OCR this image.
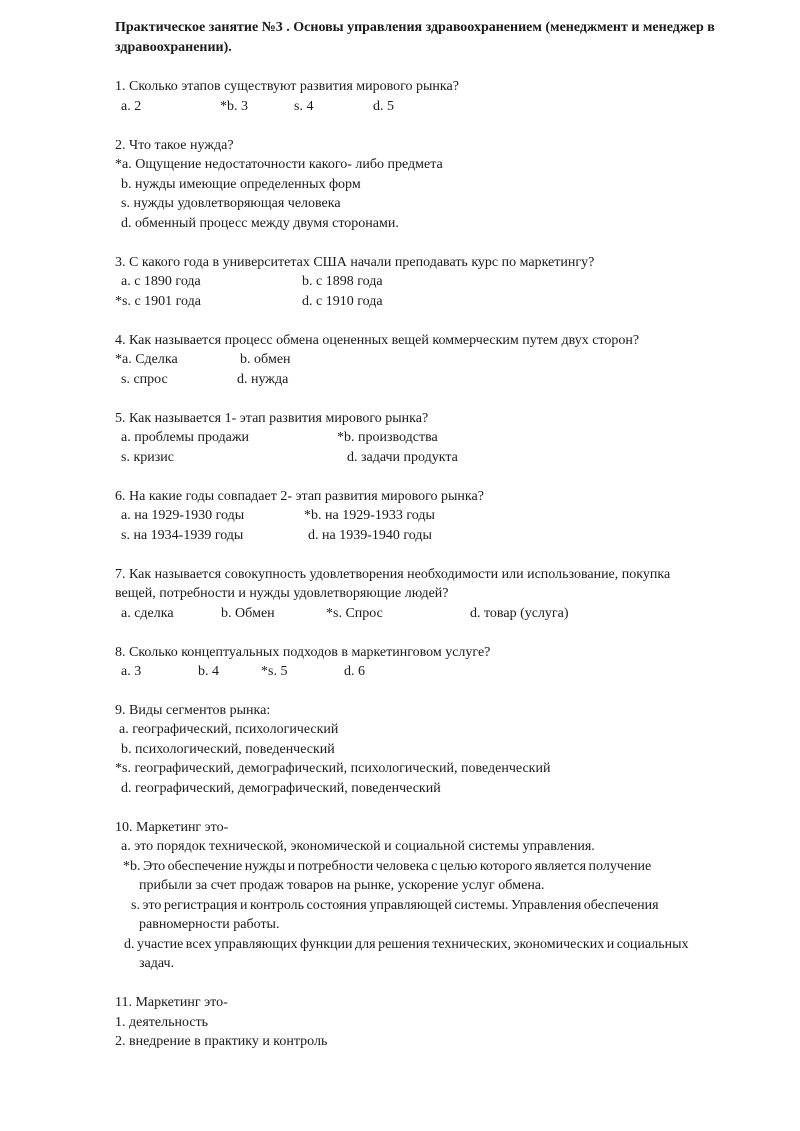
Практическое занятие №3 . Основы управления здравоохранением (менеджмент и менеджер в здравоохранении).
1. Сколько этапов существуют развития мирового рынка?
a. 2	*b. 3	s. 4	d. 5
2. Что такое нужда?
*a. Ощущение недостаточности какого- либо предмета
b. нужды имеющие определенных форм
s. нужды удовлетворяющая человека
d. обменный процесс между двумя сторонами.
3. С какого года в университетах США начали преподавать курс по маркетингу?
a. с 1890 года	b. с 1898 года
*s. с 1901 года	d. с 1910 года
4. Как называется процесс обмена оцененных вещей коммерческим путем двух сторон?
*a. Сделка	b. обмен
s. спрос	d. нужда
5. Как называется 1- этап развития мирового рынка?
a. проблемы продажи	*b. производства
s. кризис	d. задачи продукта
6. На какие годы совпадает 2- этап развития мирового рынка?
a. на 1929-1930 годы	*b. на 1929-1933 годы
s. на 1934-1939 годы	d. на 1939-1940 годы
7. Как называется совокупность удовлетворения необходимости или использование, покупка
вещей, потребности и нужды удовлетворяющие людей?
a. сделка	b. Обмен	*s. Спрос	d. товар (услуга)
8. Сколько концептуальных подходов в маркетинговом услуге?
a. 3	b. 4	*s. 5	d. 6
9. Виды сегментов рынка:
a. географический, психологический
b. психологический, поведенческий
*s. географический, демографический, психологический, поведенческий
d. географический, демографический, поведенческий
10. Маркетинг это-
a. это порядок технической, экономической и социальной системы управления.
*b. Это обеспечение нужды и потребности человека с целью которого является получение
прибыли за счет продаж товаров на рынке, ускорение услуг обмена.
s. это регистрация и контроль состояния управляющей системы. Управления обеспечения
равномерности работы.
d. участие всех управляющих функции для решения технических, экономических и социальных
задач.
11. Маркетинг это-
1. деятельность
2. внедрение в практику и контроль
